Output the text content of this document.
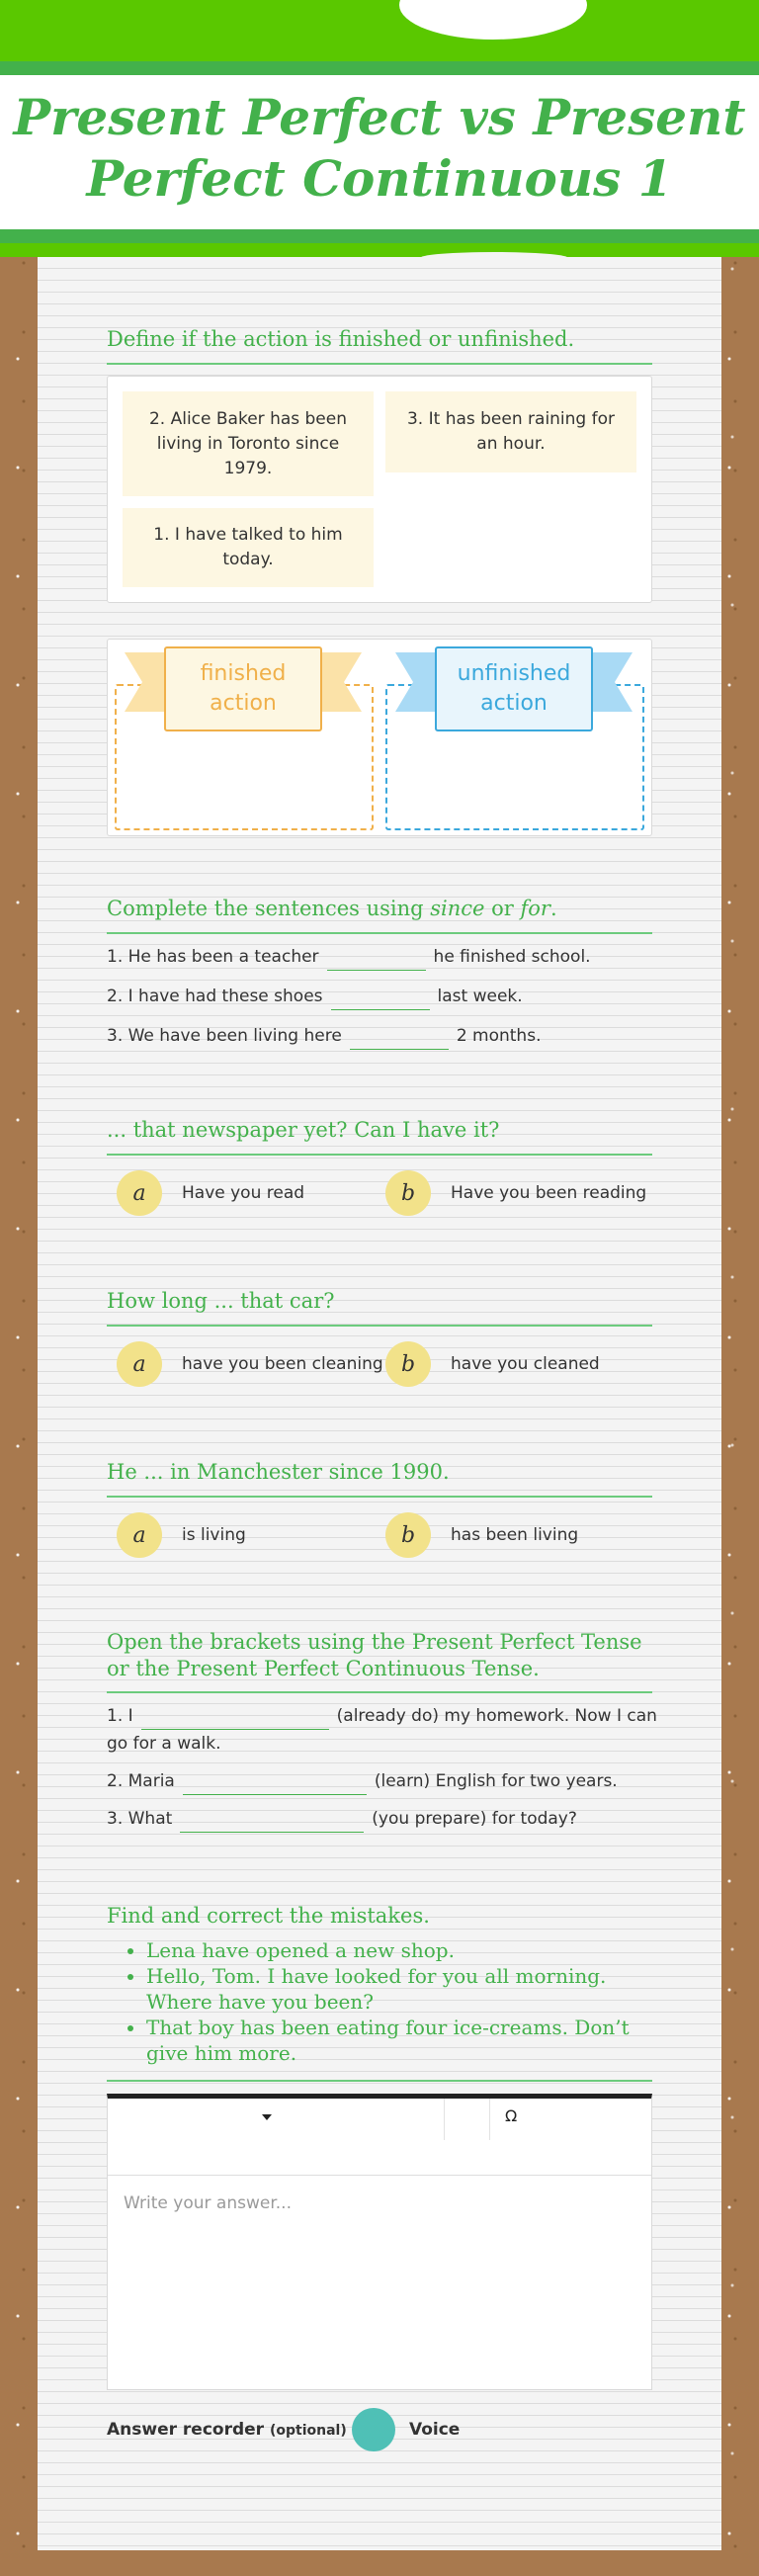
Present Perfect vs Present
Perfect Continuous 1
Define if the action is finished or unfinished.
2. Alice Baker has been living in Toronto since 1979.
3. It has been raining for an hour.
1. I have talked to him today.
finished action
unfinished action
Complete the sentences using since or for.
1. He has been a teacher	he finished school.
2. I have had these shoes	last week.
3. We have been living here	2 months.
... that newspaper yet? Can I have it?
a	Have you read	b	Have you been reading
How long ... that car?
a	have you been cleaning b	have you cleaned
He ... in Manchester since 1990.
a	is living	b	has been living
Open the brackets using the Present Perfect Tense or the Present Perfect Continuous Tense.
1. I	(already do) my homework. Now I can go for a walk.
2. Maria	(learn) English for two years.
3. What	(you prepare) for today?
Find and correct the mistakes.
• Lena have opened a new shop.
• Hello, Tom. I have looked for you all morning. Where have you been?
• That boy has been eating four ice-creams. Don’t give him more.
Ω
Write your answer...
Answer recorder (optional)	Voice
